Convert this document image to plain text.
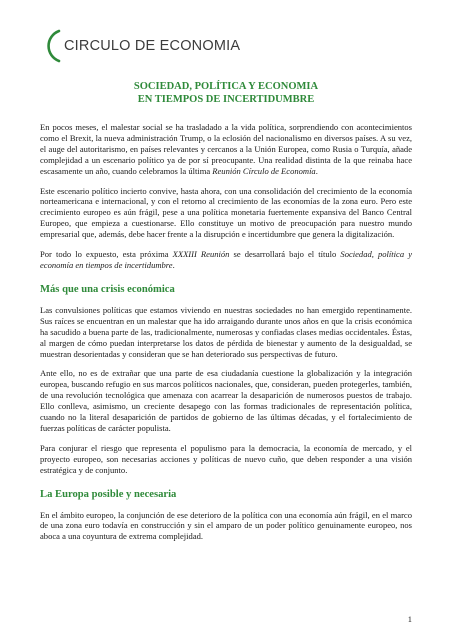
CIRCULO DE ECONOMIA
SOCIEDAD, POLÍTICA Y ECONOMIA
EN TIEMPOS DE INCERTIDUMBRE

En pocos meses, el malestar social se ha trasladado a la vida política, sorprendiendo con acontecimientos como el Brexit, la nueva administración Trump, o la eclosión del nacionalismo en diversos países. A su vez, el auge del autoritarismo, en países relevantes y cercanos a la Unión Europea, como Rusia o Turquía, añade complejidad a un escenario político ya de por sí preocupante. Una realidad distinta de la que reinaba hace escasamente un año, cuando celebramos la última Reunión Círculo de Economía.

Este escenario político incierto convive, hasta ahora, con una consolidación del crecimiento de la economía norteamericana e internacional, y con el retorno al crecimiento de las economías de la zona euro. Pero este crecimiento europeo es aún frágil, pese a una política monetaria fuertemente expansiva del Banco Central Europeo, que empieza a cuestionarse. Ello constituye un motivo de preocupación para nuestro mundo empresarial que, además, debe hacer frente a la disrupción e incertidumbre que genera la digitalización.

Por todo lo expuesto, esta próxima XXXIII Reunión se desarrollará bajo el título Sociedad, política y economía en tiempos de incertidumbre.

Más que una crisis económica

Las convulsiones políticas que estamos viviendo en nuestras sociedades no han emergido repentinamente. Sus raíces se encuentran en un malestar que ha ido arraigando durante unos años en que la crisis económica ha sacudido a buena parte de las, tradicionalmente, numerosas y confiadas clases medias occidentales. Éstas, al margen de cómo puedan interpretarse los datos de pérdida de bienestar y aumento de la desigualdad, se muestran desorientadas y consideran que se han deteriorado sus perspectivas de futuro.

Ante ello, no es de extrañar que una parte de esa ciudadanía cuestione la globalización y la integración europea, buscando refugio en sus marcos políticos nacionales, que, consideran, pueden protegerles, también, de una revolución tecnológica que amenaza con acarrear la desaparición de numerosos puestos de trabajo. Ello conlleva, asimismo, un creciente desapego con las formas tradicionales de representación política, cuando no la literal desaparición de partidos de gobierno de las últimas décadas, y el fortalecimiento de fuerzas políticas de carácter populista.

Para conjurar el riesgo que representa el populismo para la democracia, la economía de mercado, y el proyecto europeo, son necesarias acciones y políticas de nuevo cuño, que deben responder a una visión estratégica y de conjunto.

La Europa posible y necesaria

En el ámbito europeo, la conjunción de ese deterioro de la política con una economía aún frágil, en el marco de una zona euro todavía en construcción y sin el amparo de un poder político genuinamente europeo, nos aboca a una coyuntura de extrema complejidad.

1
